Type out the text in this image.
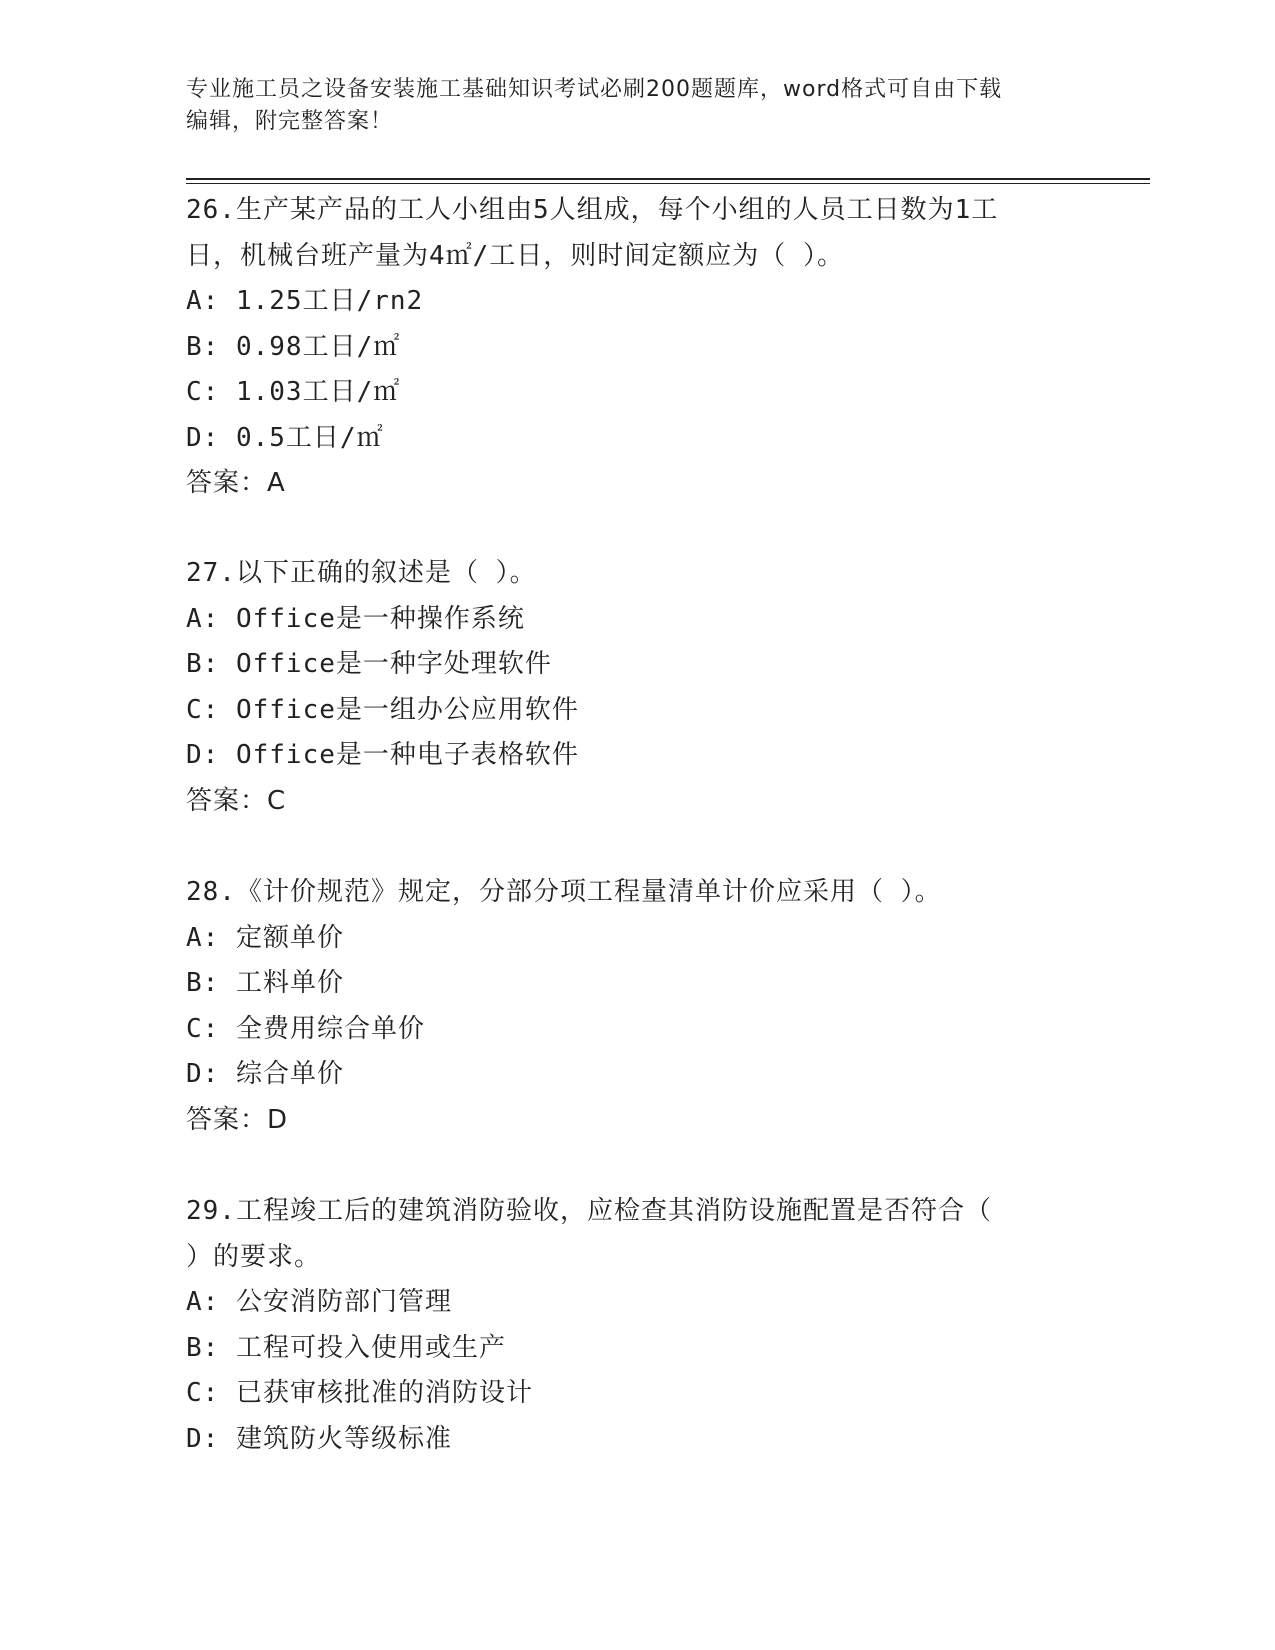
专业施工员之设备安装施工基础知识考试必刷200题题库，word格式可自由下载
编辑，附完整答案！
26.生产某产品的工人小组由5人组成，每个小组的人员工日数为1工
日，机械台班产量为4㎡/工日，则时间定额应为（ ）。
A: 1.25工日/rn2
B: 0.98工日/㎡
C: 1.03工日/㎡
D: 0.5工日/㎡
答案：A
27.以下正确的叙述是（ ）。
A: Office是一种操作系统
B: Office是一种字处理软件
C: Office是一组办公应用软件
D: Office是一种电子表格软件
答案：C
28.《计价规范》规定，分部分项工程量清单计价应采用（ ）。
A: 定额单价
B: 工料单价
C: 全费用综合单价
D: 综合单价
答案：D
29.工程竣工后的建筑消防验收，应检查其消防设施配置是否符合（
）的要求。
A: 公安消防部门管理
B: 工程可投入使用或生产
C: 已获审核批准的消防设计
D: 建筑防火等级标准
